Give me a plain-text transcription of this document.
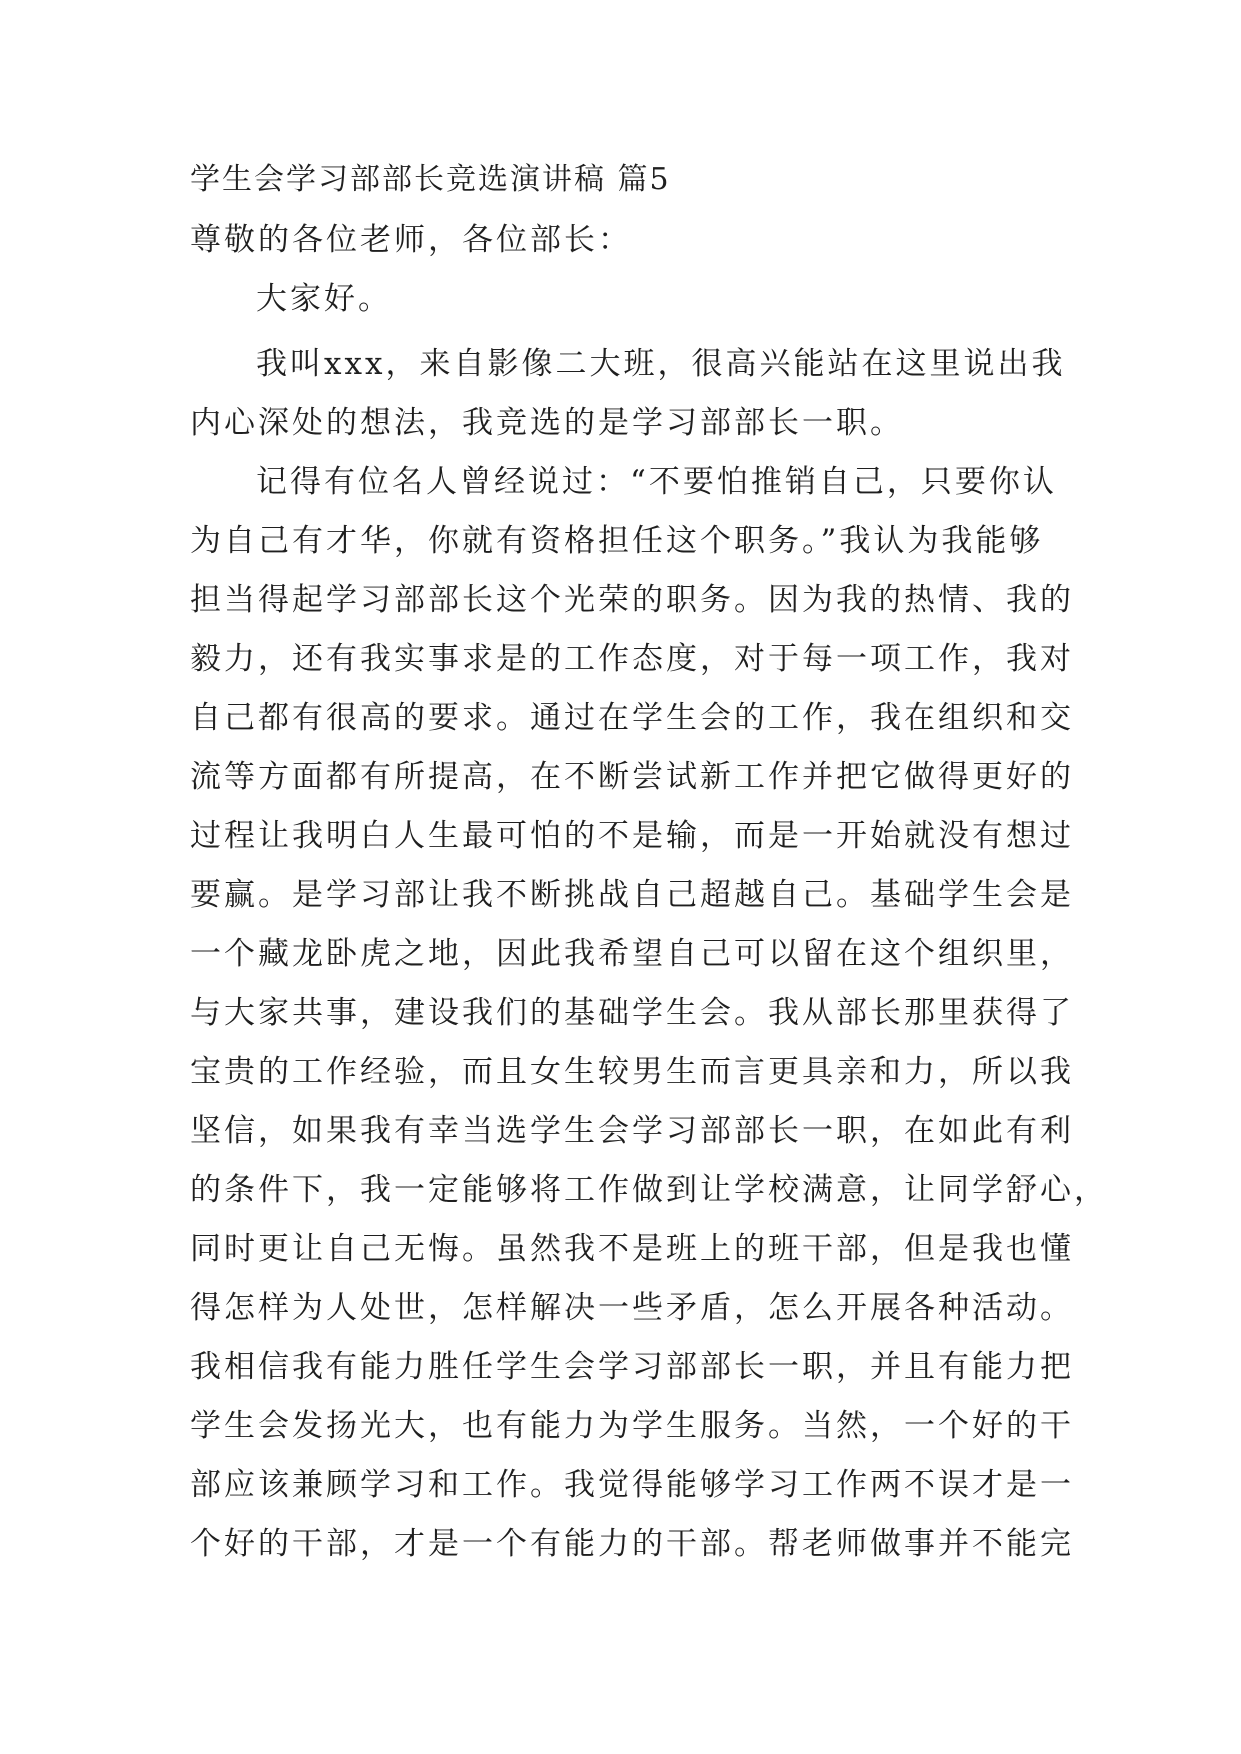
学生会学习部部长竞选演讲稿 篇5
尊敬的各位老师，各位部长：
大家好。
我叫xxx，来自影像二大班，很高兴能站在这里说出我
内心深处的想法，我竞选的是学习部部长一职。
记得有位名人曾经说过：“不要怕推销自己，只要你认
为自己有才华，你就有资格担任这个职务。”我认为我能够
担当得起学习部部长这个光荣的职务。因为我的热情、我的
毅力，还有我实事求是的工作态度，对于每一项工作，我对
自己都有很高的要求。通过在学生会的工作，我在组织和交
流等方面都有所提高，在不断尝试新工作并把它做得更好的
过程让我明白人生最可怕的不是输，而是一开始就没有想过
要赢。是学习部让我不断挑战自己超越自己。基础学生会是
一个藏龙卧虎之地，因此我希望自己可以留在这个组织里，
与大家共事，建设我们的基础学生会。我从部长那里获得了
宝贵的工作经验，而且女生较男生而言更具亲和力，所以我
坚信，如果我有幸当选学生会学习部部长一职，在如此有利
的条件下，我一定能够将工作做到让学校满意，让同学舒心，
同时更让自己无悔。虽然我不是班上的班干部，但是我也懂
得怎样为人处世，怎样解决一些矛盾，怎么开展各种活动。
我相信我有能力胜任学生会学习部部长一职，并且有能力把
学生会发扬光大，也有能力为学生服务。当然，一个好的干
部应该兼顾学习和工作。我觉得能够学习工作两不误才是一
个好的干部，才是一个有能力的干部。帮老师做事并不能完
